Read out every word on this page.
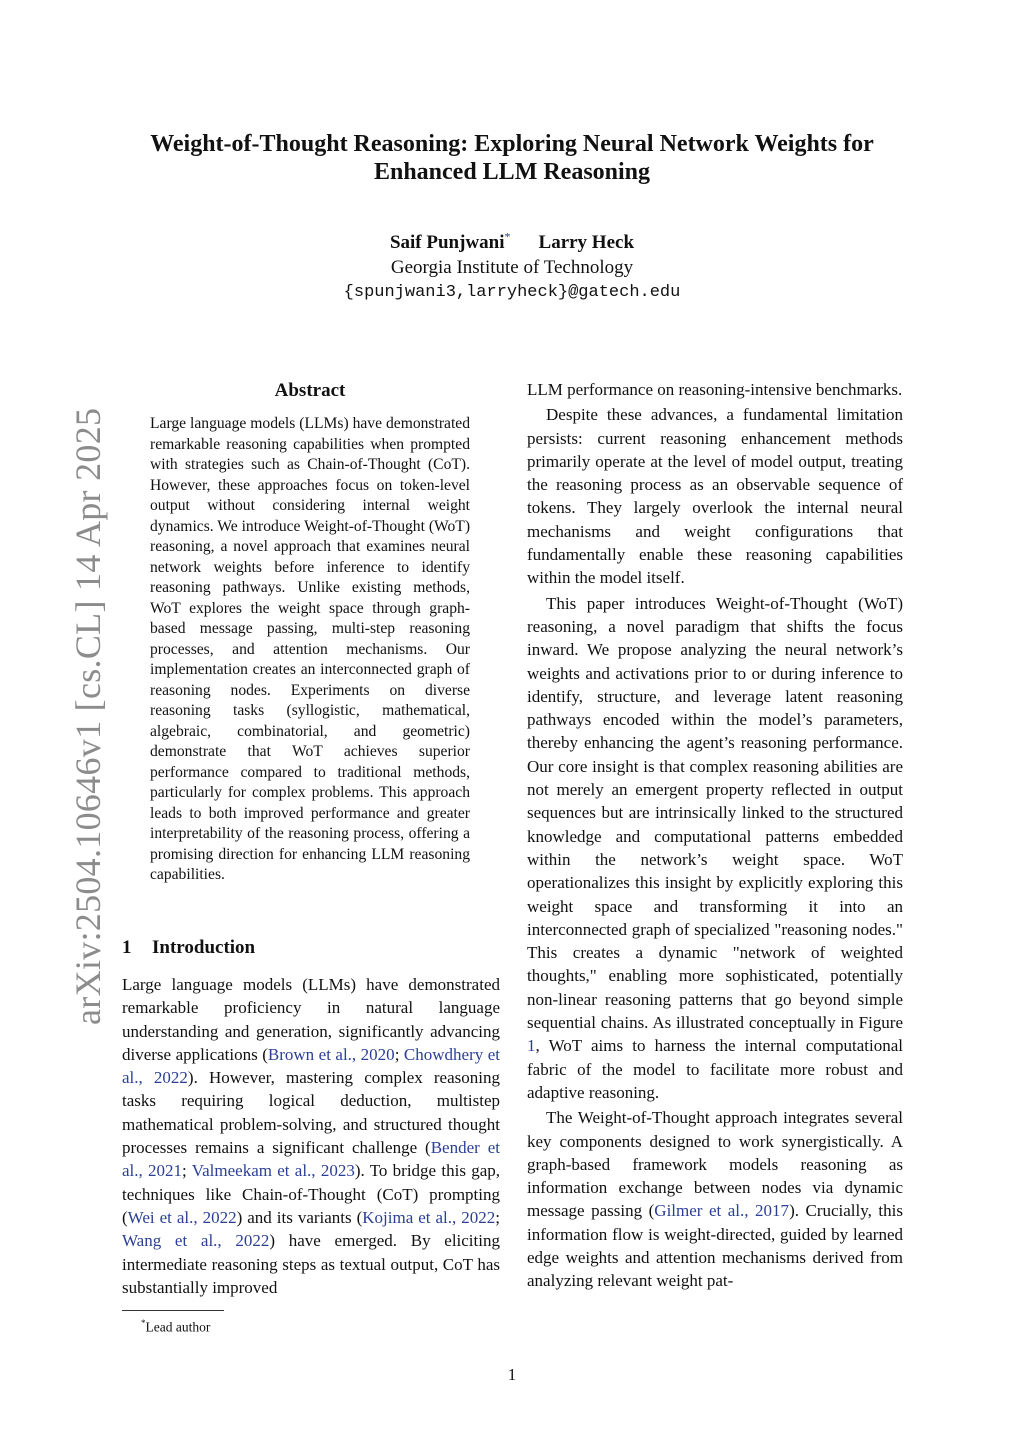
arXiv:2504.10646v1 [cs.CL] 14 Apr 2025
Weight-of-Thought Reasoning: Exploring Neural Network Weights for
Enhanced LLM Reasoning
Saif Punjwani* Larry Heck
Georgia Institute of Technology
{spunjwani3,larryheck}@gatech.edu
Abstract
Large language models (LLMs) have demonstrated remarkable reasoning capabilities when prompted with strategies such as Chain-of-Thought (CoT). However, these approaches focus on token-level output without considering internal weight dynamics. We introduce Weight-of-Thought (WoT) reasoning, a novel approach that examines neural network weights before inference to identify reasoning pathways. Unlike existing methods, WoT explores the weight space through graph-based message passing, multi-step reasoning processes, and attention mechanisms. Our implementation creates an interconnected graph of reasoning nodes. Experiments on diverse reasoning tasks (syllogistic, mathematical, algebraic, combinatorial, and geometric) demonstrate that WoT achieves superior performance compared to traditional methods, particularly for complex problems. This approach leads to both improved performance and greater interpretability of the reasoning process, offering a promising direction for enhancing LLM reasoning capabilities.
1 Introduction

Large language models (LLMs) have demonstrated remarkable proficiency in natural language understanding and generation, significantly advancing diverse applications (Brown et al., 2020; Chowdhery et al., 2022). However, mastering complex reasoning tasks requiring logical deduction, multistep mathematical problem-solving, and structured thought processes remains a significant challenge (Bender et al., 2021; Valmeekam et al., 2023). To bridge this gap, techniques like Chain-of-Thought (CoT) prompting (Wei et al., 2022) and its variants (Kojima et al., 2022; Wang et al., 2022) have emerged. By eliciting intermediate reasoning steps as textual output, CoT has substantially improved

*Lead author

LLM performance on reasoning-intensive benchmarks.

Despite these advances, a fundamental limitation persists: current reasoning enhancement methods primarily operate at the level of model output, treating the reasoning process as an observable sequence of tokens. They largely overlook the internal neural mechanisms and weight configurations that fundamentally enable these reasoning capabilities within the model itself.

This paper introduces Weight-of-Thought (WoT) reasoning, a novel paradigm that shifts the focus inward. We propose analyzing the neural network’s weights and activations prior to or during inference to identify, structure, and leverage latent reasoning pathways encoded within the model’s parameters, thereby enhancing the agent’s reasoning performance. Our core insight is that complex reasoning abilities are not merely an emergent property reflected in output sequences but are intrinsically linked to the structured knowledge and computational patterns embedded within the network’s weight space. WoT operationalizes this insight by explicitly exploring this weight space and transforming it into an interconnected graph of specialized "reasoning nodes." This creates a dynamic "network of weighted thoughts," enabling more sophisticated, potentially non-linear reasoning patterns that go beyond simple sequential chains. As illustrated conceptually in Figure 1, WoT aims to harness the internal computational fabric of the model to facilitate more robust and adaptive reasoning.

The Weight-of-Thought approach integrates several key components designed to work synergistically. A graph-based framework models reasoning as information exchange between nodes via dynamic message passing (Gilmer et al., 2017). Crucially, this information flow is weight-directed, guided by learned edge weights and attention mechanisms derived from analyzing relevant weight pat-

1
